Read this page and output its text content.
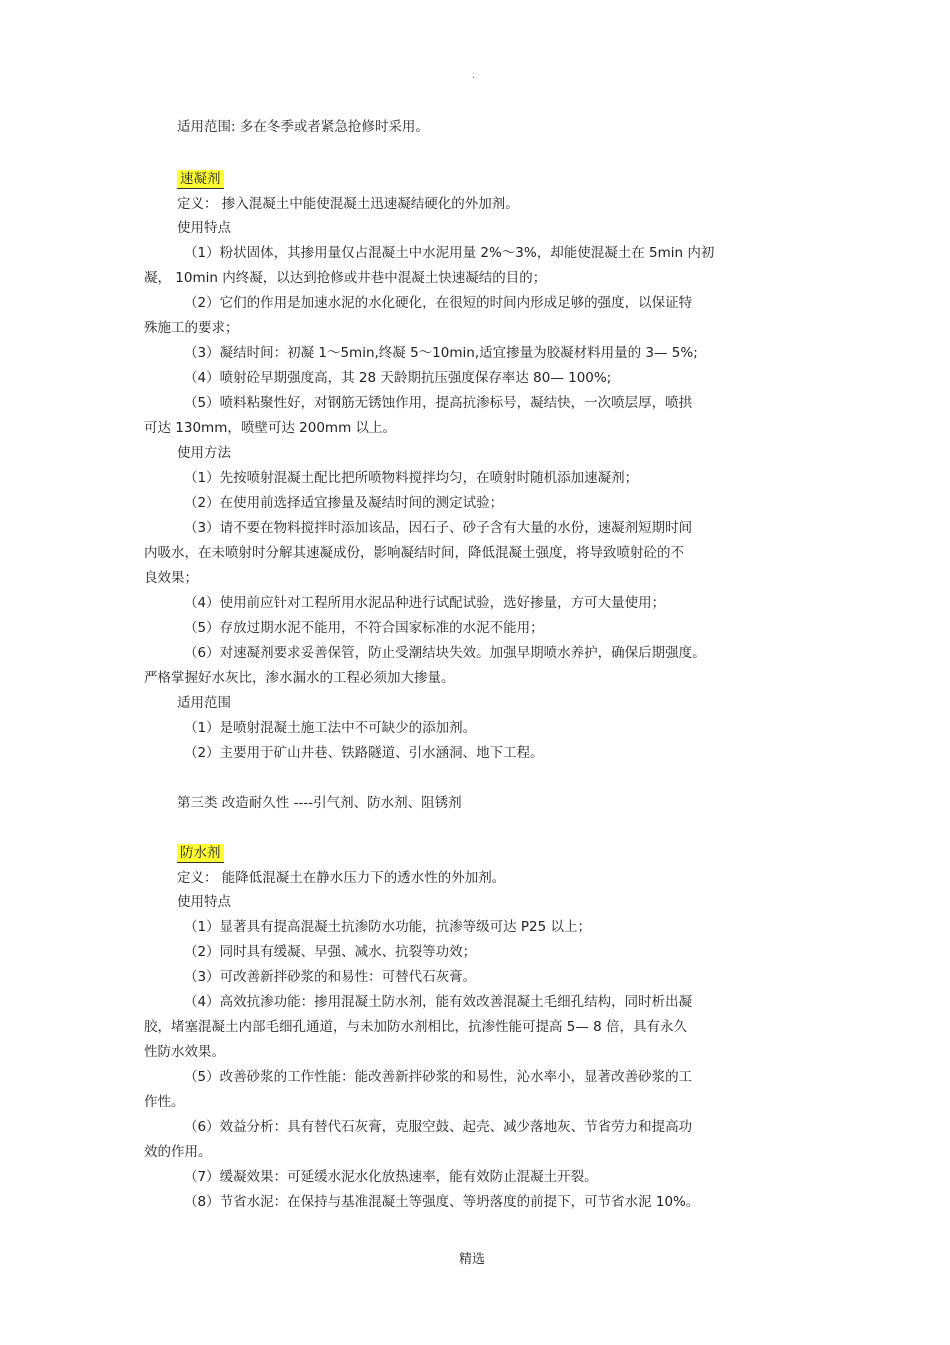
.
适用范围: 多在冬季或者紧急抢修时采用。
速凝剂
定义： 掺入混凝土中能使混凝土迅速凝结硬化的外加剂。
使用特点
（1）粉状固体，其掺用量仅占混凝土中水泥用量 2%～3%，却能使混凝土在 5min 内初
凝， 10min 内终凝，以达到抢修或井巷中混凝土快速凝结的目的；
（2）它们的作用是加速水泥的水化硬化，在很短的时间内形成足够的强度，以保证特
殊施工的要求；
（3）凝结时间：初凝 1～5min,终凝 5～10min,适宜掺量为胶凝材料用量的 3— 5%;
（4）喷射砼早期强度高，其 28 天龄期抗压强度保存率达 80— 100%;
（5）喷料粘聚性好，对钢筋无锈蚀作用，提高抗渗标号，凝结快，一次喷层厚，喷拱
可达 130mm，喷壁可达 200mm 以上。
使用方法
（1）先按喷射混凝土配比把所喷物料搅拌均匀，在喷射时随机添加速凝剂；
（2）在使用前选择适宜掺量及凝结时间的测定试验；
（3）请不要在物料搅拌时添加该品，因石子、砂子含有大量的水份，速凝剂短期时间
内吸水，在未喷射时分解其速凝成份，影响凝结时间，降低混凝土强度，将导致喷射砼的不
良效果；
（4）使用前应针对工程所用水泥品种进行试配试验，选好掺量，方可大量使用；
（5）存放过期水泥不能用，不符合国家标准的水泥不能用；
（6）对速凝剂要求妥善保管，防止受潮结块失效。加强早期喷水养护，确保后期强度。
严格掌握好水灰比，渗水漏水的工程必须加大掺量。
适用范围
（1）是喷射混凝土施工法中不可缺少的添加剂。
（2）主要用于矿山井巷、铁路隧道、引水涵洞、地下工程。
第三类 改造耐久性 ----引气剂、防水剂、阻锈剂
防水剂
定义： 能降低混凝土在静水压力下的透水性的外加剂。
使用特点
（1）显著具有提高混凝土抗渗防水功能，抗渗等级可达 P25 以上；
（2）同时具有缓凝、早强、减水、抗裂等功效；
（3）可改善新拌砂浆的和易性：可替代石灰膏。
（4）高效抗渗功能：掺用混凝土防水剂，能有效改善混凝土毛细孔结构，同时析出凝
胶，堵塞混凝土内部毛细孔通道，与未加防水剂相比，抗渗性能可提高 5— 8 倍，具有永久
性防水效果。
（5）改善砂浆的工作性能：能改善新拌砂浆的和易性，沁水率小，显著改善砂浆的工
作性。
（6）效益分析：具有替代石灰膏，克服空鼓、起壳、减少落地灰、节省劳力和提高功
效的作用。
（7）缓凝效果：可延缓水泥水化放热速率，能有效防止混凝土开裂。
（8）节省水泥：在保持与基准混凝土等强度、等坍落度的前提下，可节省水泥 10%。
精选
